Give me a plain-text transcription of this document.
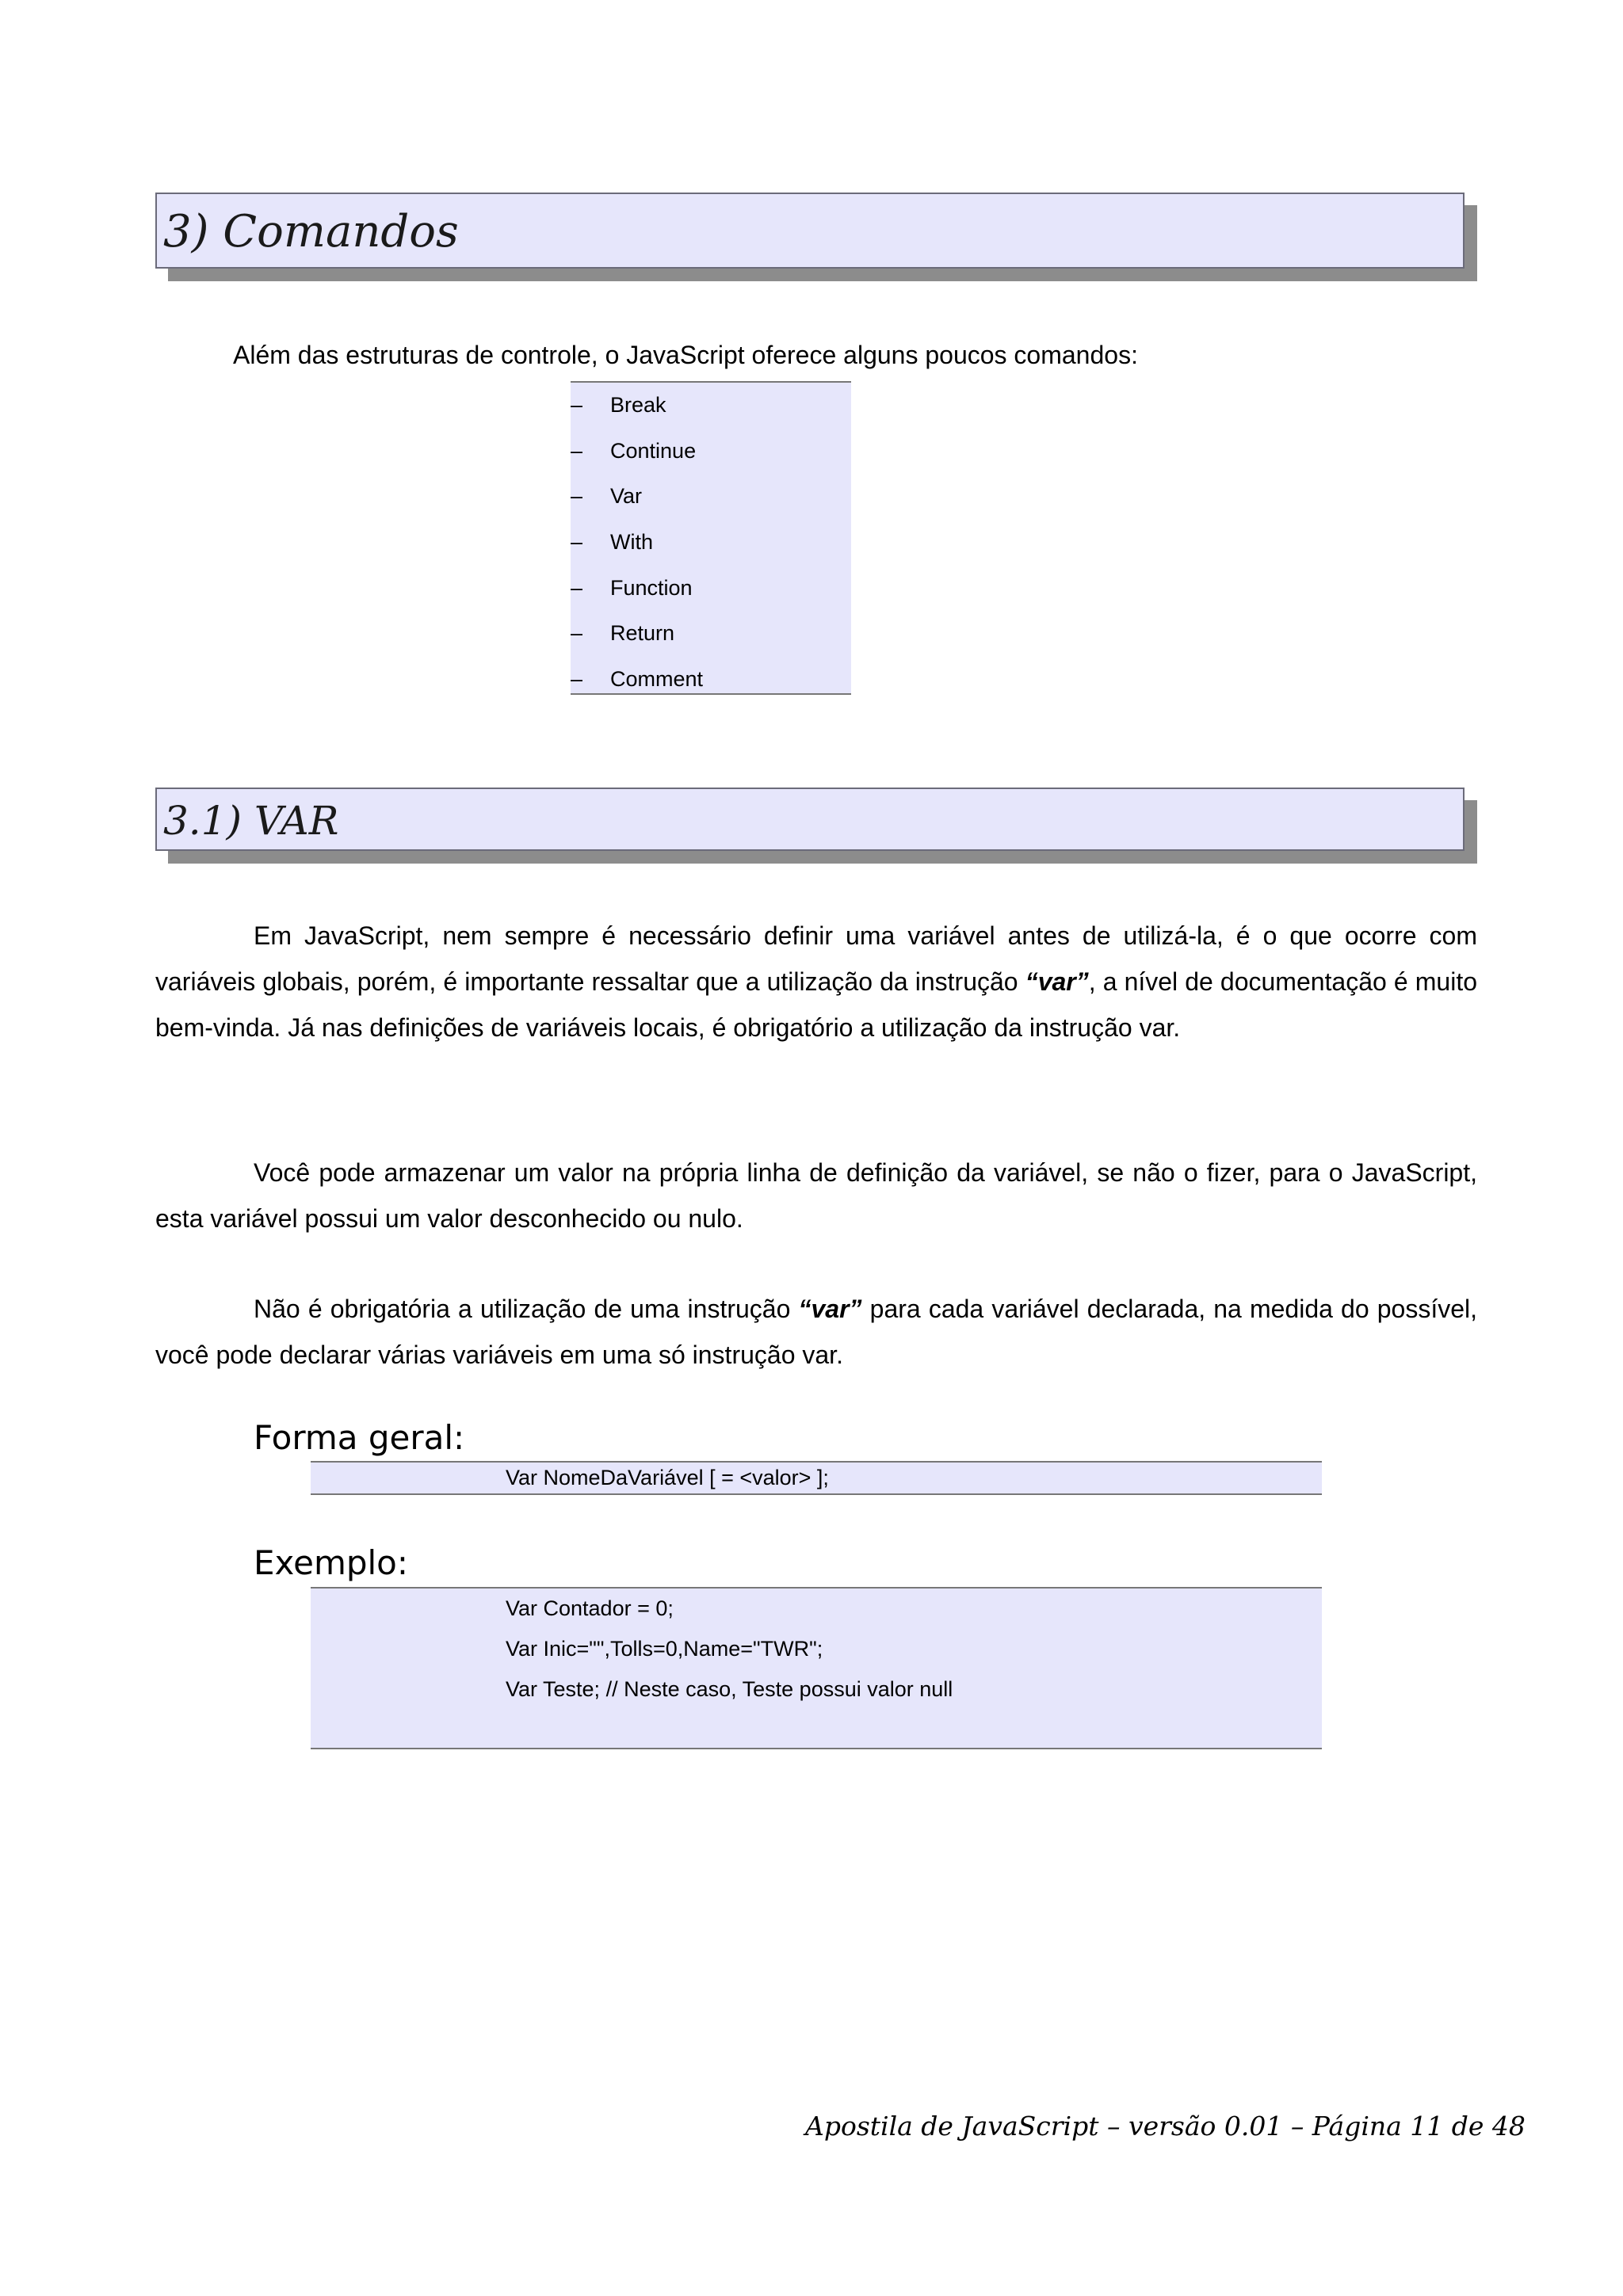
3) Comandos

Além das estruturas de controle, o JavaScript oferece alguns poucos comandos:

–	Break
–	Continue
–	Var
–	With
–	Function
–	Return
–	Comment
3.1) VAR

Em JavaScript, nem sempre é necessário definir uma variável antes de utilizá-la, é o que ocorre com variáveis globais, porém, é importante ressaltar que a utilização da instrução “var”, a nível de documentação é muito bem-vinda. Já nas definições de variáveis locais, é obrigatório a utilização da instrução var.

Você pode armazenar um valor na própria linha de definição da variável, se não o fizer, para o JavaScript, esta variável possui um valor desconhecido ou nulo.

Não é obrigatória a utilização de uma instrução “var” para cada variável declarada, na medida do possível, você pode declarar várias variáveis em uma só instrução var.

Forma geral:

Var NomeDaVariável [ = <valor> ];

Exemplo:

Var Contador = 0;
Var Inic="",Tolls=0,Name="TWR";
Var Teste; // Neste caso, Teste possui valor null

Apostila de JavaScript – versão 0.01 – Página 11 de 48
